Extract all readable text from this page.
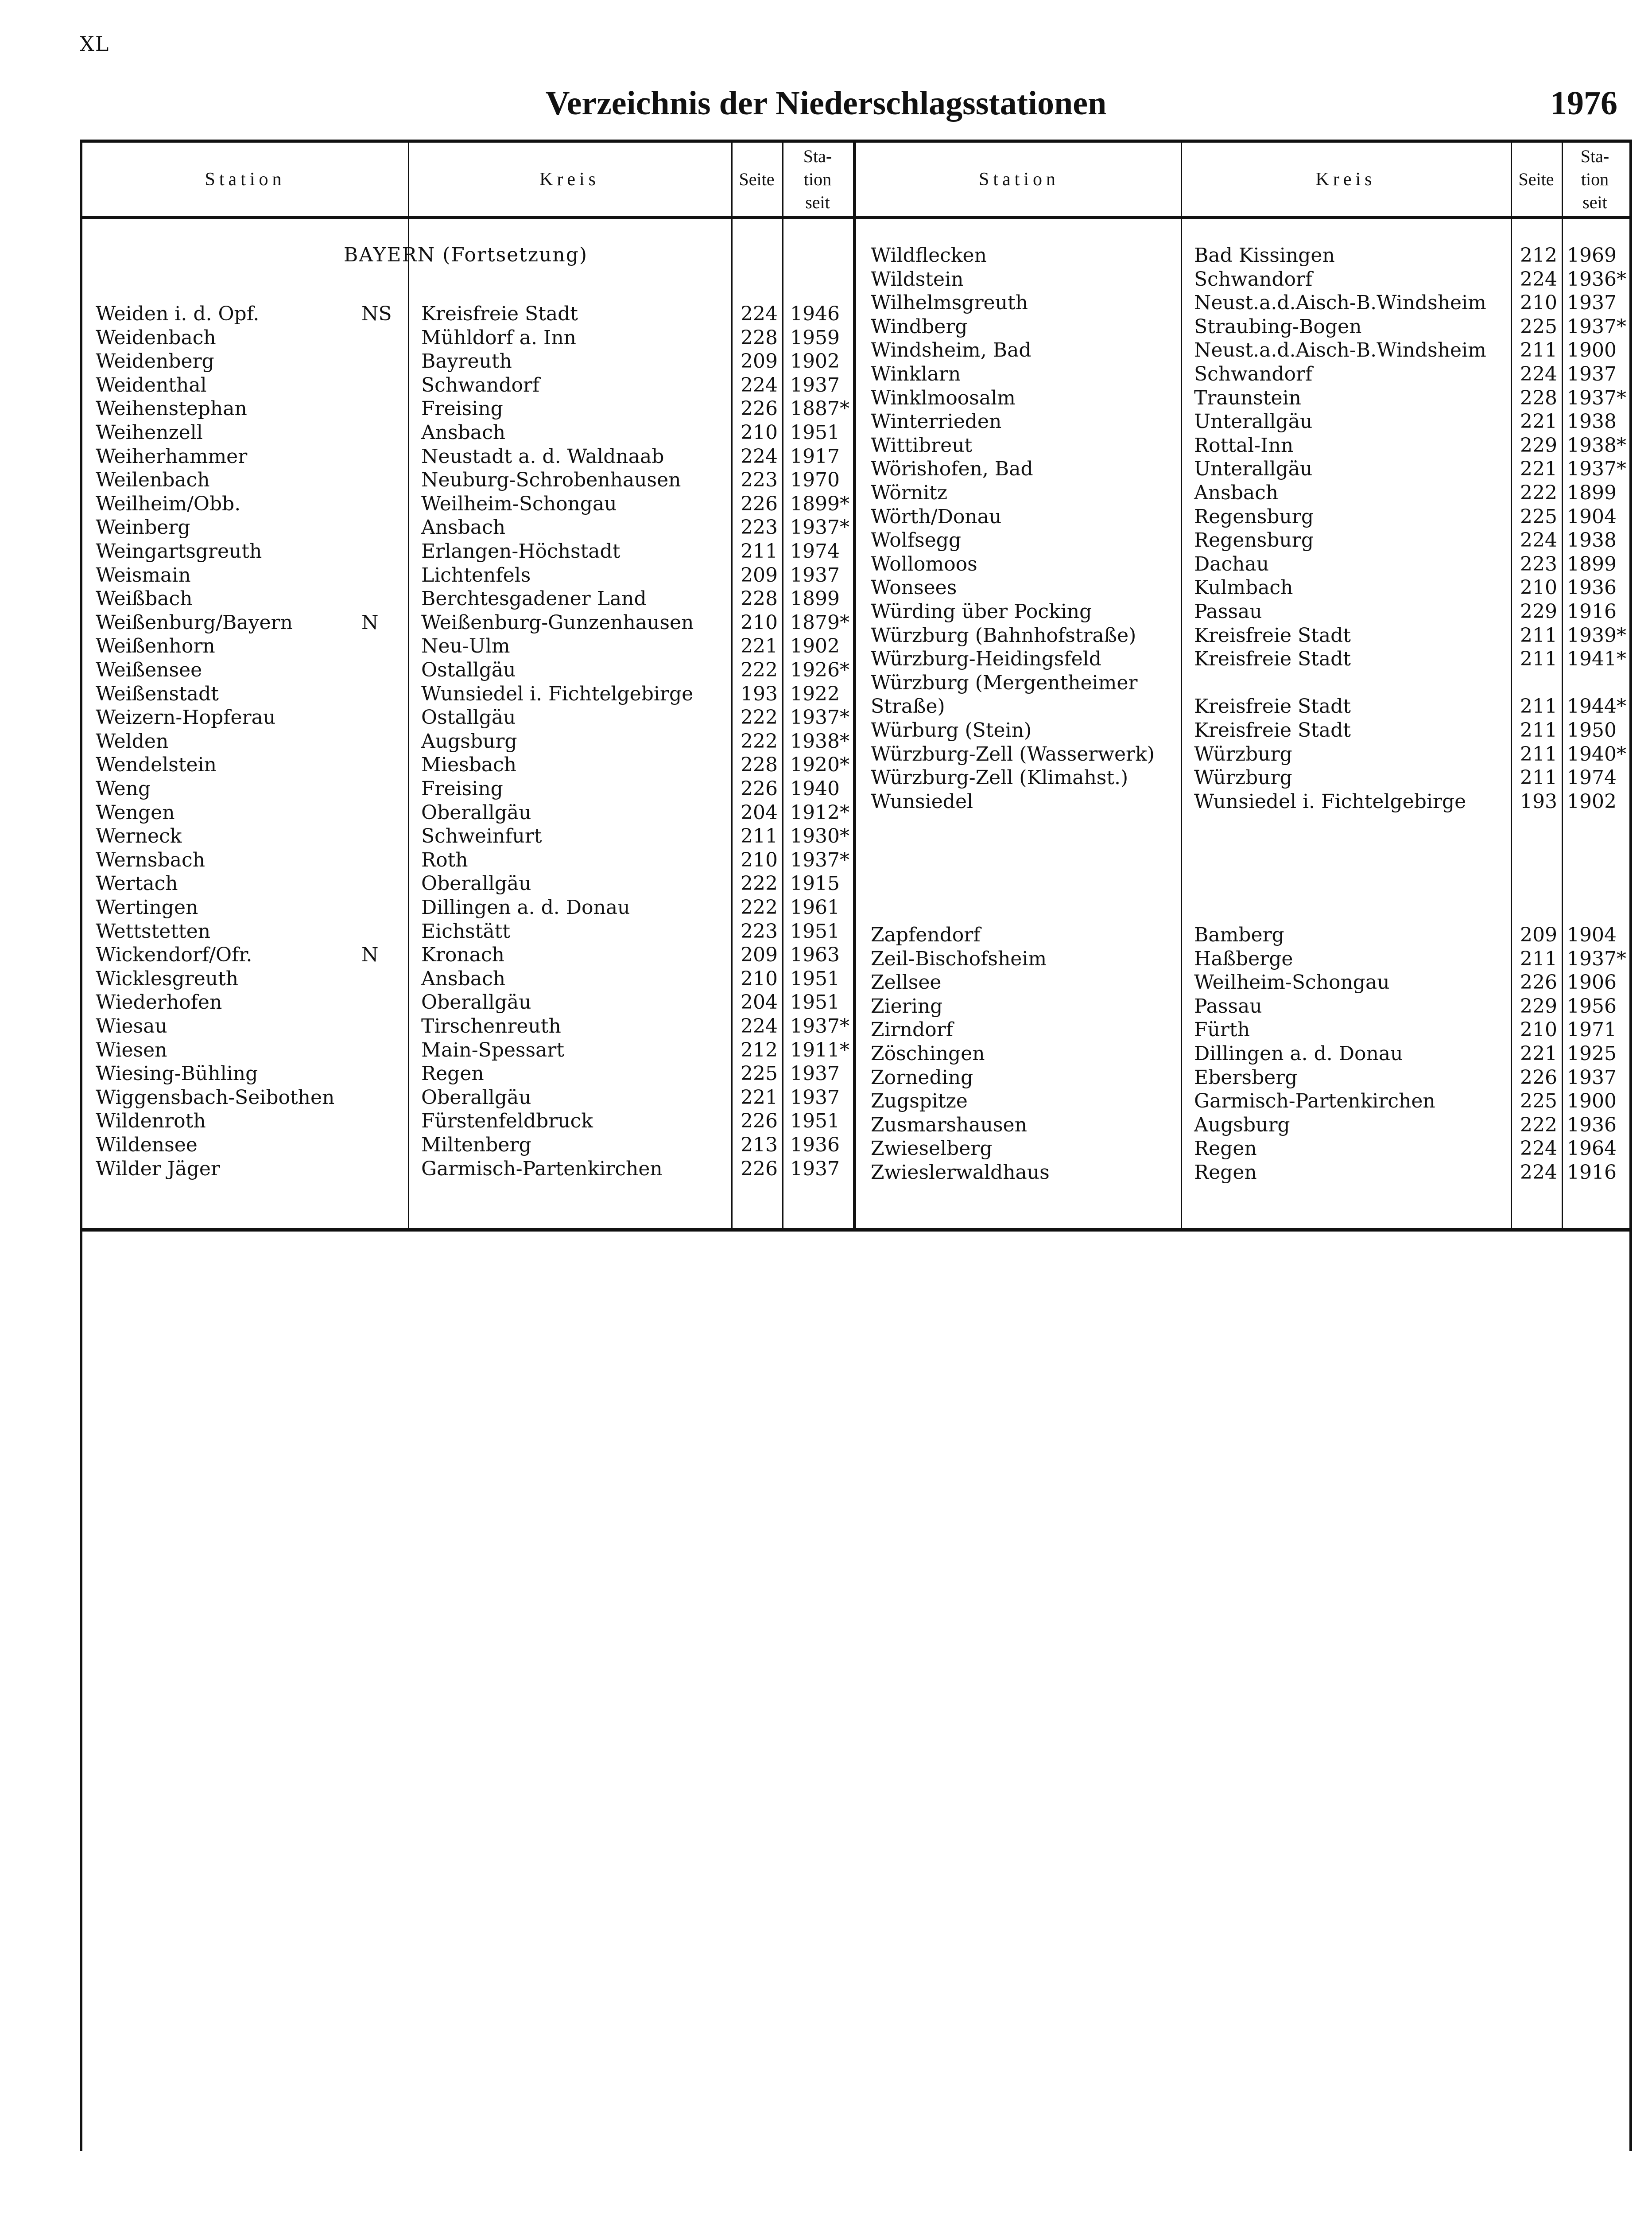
XL
Verzeichnis der Niederschlagsstationen	1976
Station	Kreis	Seite
Sta-
tion
seit
Station	Kreis	Seite
Sta-
tion
seit
BAYERN (Fortsetzung)
Weiden i. d. Opf.	NS Kreisfreie Stadt	224 1946
Weidenbach	Mühldorf a. Inn	228 1959
Weidenberg	Bayreuth	209 1902
Weidenthal	Schwandorf	224 1937
Weihenstephan	Freising	226 1887*
Weihenzell	Ansbach	210 1951
Weiherhammer	Neustadt a. d. Waldnaab	224 1917
Weilenbach	Neuburg-Schrobenhausen	223 1970
Weilheim/Obb.	Weilheim-Schongau	226 1899*
Weinberg	Ansbach	223 1937*
Weingartsgreuth	Erlangen-Höchstadt	211 1974
Weismain	Lichtenfels	209 1937
Weißbach	Berchtesgadener Land	228 1899
Weißenburg/Bayern	N Weißenburg-Gunzenhausen	210 1879*
Weißenhorn	Neu-Ulm	221 1902
Weißensee	Ostallgäu	222 1926*
Weißenstadt	Wunsiedel i. Fichtelgebirge	193 1922
Weizern-Hopferau	Ostallgäu	222 1937*
Welden	Augsburg	222 1938*
Wendelstein	Miesbach	228 1920*
Weng	Freising	226 1940
Wengen	Oberallgäu	204 1912*
Werneck	Schweinfurt	211 1930*
Wernsbach	Roth	210 1937*
Wertach	Oberallgäu	222 1915
Wertingen	Dillingen a. d. Donau	222 1961
Wettstetten	Eichstätt	223 1951
Wickendorf/Ofr.	N Kronach	209 1963
Wicklesgreuth	Ansbach	210 1951
Wiederhofen	Oberallgäu	204 1951
Wiesau	Tirschenreuth	224 1937*
Wiesen	Main-Spessart	212 1911*
Wiesing-Bühling	Regen	225 1937
Wiggensbach-Seibothen	Oberallgäu	221 1937
Wildenroth	Fürstenfeldbruck	226 1951
Wildensee	Miltenberg	213 1936
Wilder Jäger	Garmisch-Partenkirchen	226 1937
Wildflecken	Bad Kissingen	212 1969
Wildstein	Schwandorf	224 1936*
Wilhelmsgreuth	Neust.a.d.Aisch-B.Windsheim	210 1937
Windberg	Straubing-Bogen	225 1937*
Windsheim, Bad	Neust.a.d.Aisch-B.Windsheim	211 1900
Winklarn	Schwandorf	224 1937
Winklmoosalm	Traunstein	228 1937*
Winterrieden	Unterallgäu	221 1938
Wittibreut	Rottal-Inn	229 1938*
Wörishofen, Bad	Unterallgäu	221 1937*
Wörnitz	Ansbach	222 1899
Wörth/Donau	Regensburg	225 1904
Wolfsegg	Regensburg	224 1938
Wollomoos	Dachau	223 1899
Wonsees	Kulmbach	210 1936
Würding über Pocking	Passau	229 1916
Würzburg (Bahnhofstraße)	Kreisfreie Stadt	211 1939*
Würzburg-Heidingsfeld	Kreisfreie Stadt	211 1941*
Würzburg (Mergentheimer
Straße)	Kreisfreie Stadt	211 1944*
Würburg (Stein)	Kreisfreie Stadt	211 1950
Würzburg-Zell (Wasserwerk) Würzburg	211 1940*
Würzburg-Zell (Klimahst.)	Würzburg	211 1974
Wunsiedel	Wunsiedel i. Fichtelgebirge	193 1902
Zapfendorf	Bamberg	209 1904
Zeil-Bischofsheim	Haßberge	211 1937*
Zellsee	Weilheim-Schongau	226 1906
Ziering	Passau	229 1956
Zirndorf	Fürth	210 1971
Zöschingen	Dillingen a. d. Donau	221 1925
Zorneding	Ebersberg	226 1937
Zugspitze	Garmisch-Partenkirchen	225 1900
Zusmarshausen	Augsburg	222 1936
Zwieselberg	Regen	224 1964
Zwieslerwaldhaus	Regen	224 1916
